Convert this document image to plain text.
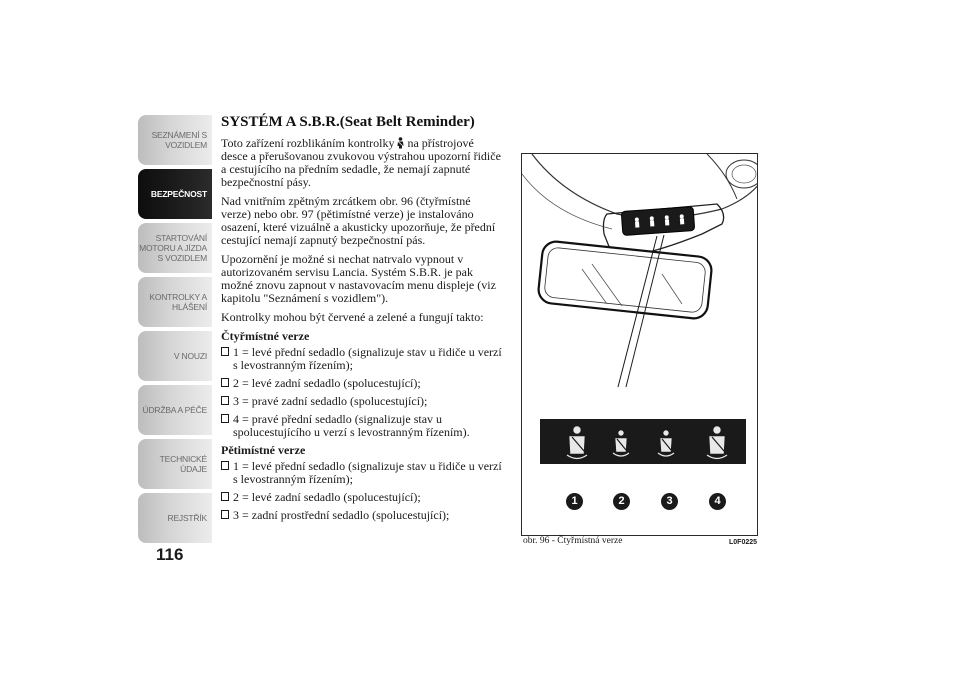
SEZNÁMENÍ S
VOZIDLEM
BEZPEČNOST
STARTOVÁNÍ
MOTORU A JÍZDA
S VOZIDLEM
KONTROLKY A
HLÁŠENÍ
V NOUZI
ÚDRŽBA A PÉČE
TECHNICKÉ
ÚDAJE
REJSTŘÍK
116
SYSTÉM A S.B.R.(Seat Belt Reminder)

Toto zařízení rozblikáním kontrolky na přístrojové desce a přerušovanou zvukovou výstrahou upozorní řidiče a cestujícího na předním sedadle, že nemají zapnuté bezpečnostní pásy.

Nad vnitřním zpětným zrcátkem obr. 96 (čtyřmístné verze) nebo obr. 97 (pětimístné verze) je instalováno osazení, které vizuálně a akusticky upozorňuje, že přední cestující nemají zapnutý bezpečnostní pás.

Upozornění je možné si nechat natrvalo vypnout v autorizovaném servisu Lancia. Systém S.B.R. je pak možné znovu zapnout v nastavovacím menu displeje (viz kapitolu "Seznámení s vozidlem").

Kontrolky mohou být červené a zelené a fungují takto:

Čtyřmístné verze
1 = levé přední sedadlo (signalizuje stav u řidiče u verzí s levostranným řízením);
2 = levé zadní sedadlo (spolucestující);
3 = pravé zadní sedadlo (spolucestující);
4 = pravé přední sedadlo (signalizuje stav u spolucestujícího u verzí s levostranným řízením).
Pětimístné verze
1 = levé přední sedadlo (signalizuje stav u řidiče u verzí s levostranným řízením);
2 = levé zadní sedadlo (spolucestující);
3 = zadní prostřední sedadlo (spolucestující);
1	2	3	4
obr. 96 - Čtyřmístná verze	L0F0225
